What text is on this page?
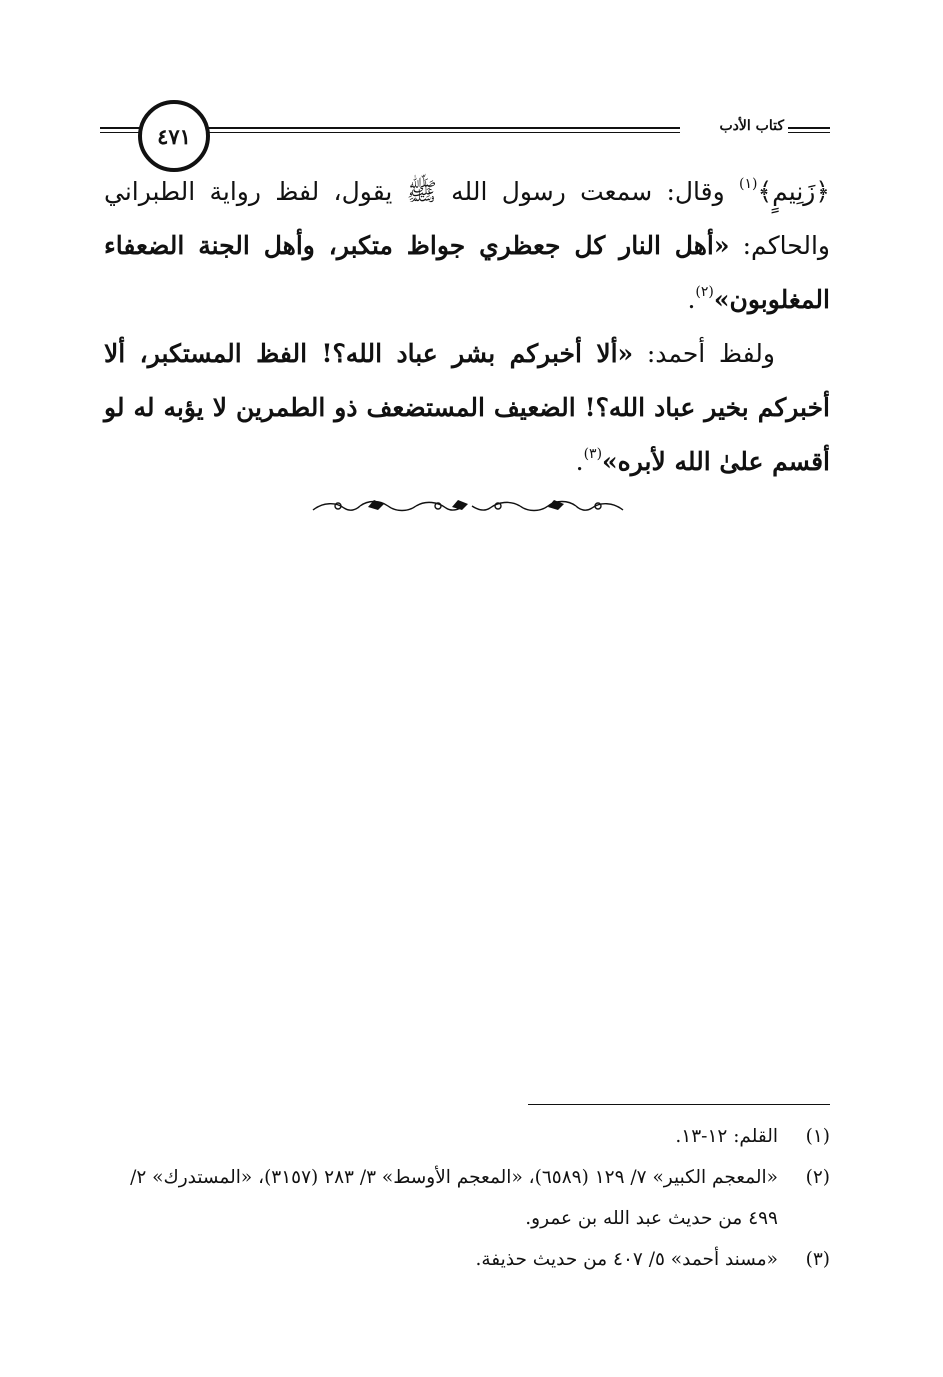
كتاب الأدب
٤٧١

﴿زَنِيمٍ﴾$^{(١)}$ وقال: سمعت رسول الله ﷺ يقول، لفظ رواية الطبراني والحاكم: «أهل النار كل جعظري جواظ متكبر، وأهل الجنة الضعفاء المغلوبون»$^{(٢)}$.

ولفظ أحمد: «ألا أخبركم بشر عباد الله؟! الفظ المستكبر، ألا أخبركم بخير عباد الله؟! الضعيف المستضعف ذو الطمرين لا يؤبه له لو أقسم علىٰ الله لأبره»$^{(٣)}$.

(١)القلم: ١٢-١٣.

(٢)«المعجم الكبير» ٧/ ١٢٩ (٦٥٨٩)، «المعجم الأوسط» ٣/ ٢٨٣ (٣١٥٧)، «المستدرك» ٢/ ٤٩٩ من حديث عبد الله بن عمرو.

(٣)«مسند أحمد» ٥/ ٤٠٧ من حديث حذيفة.
